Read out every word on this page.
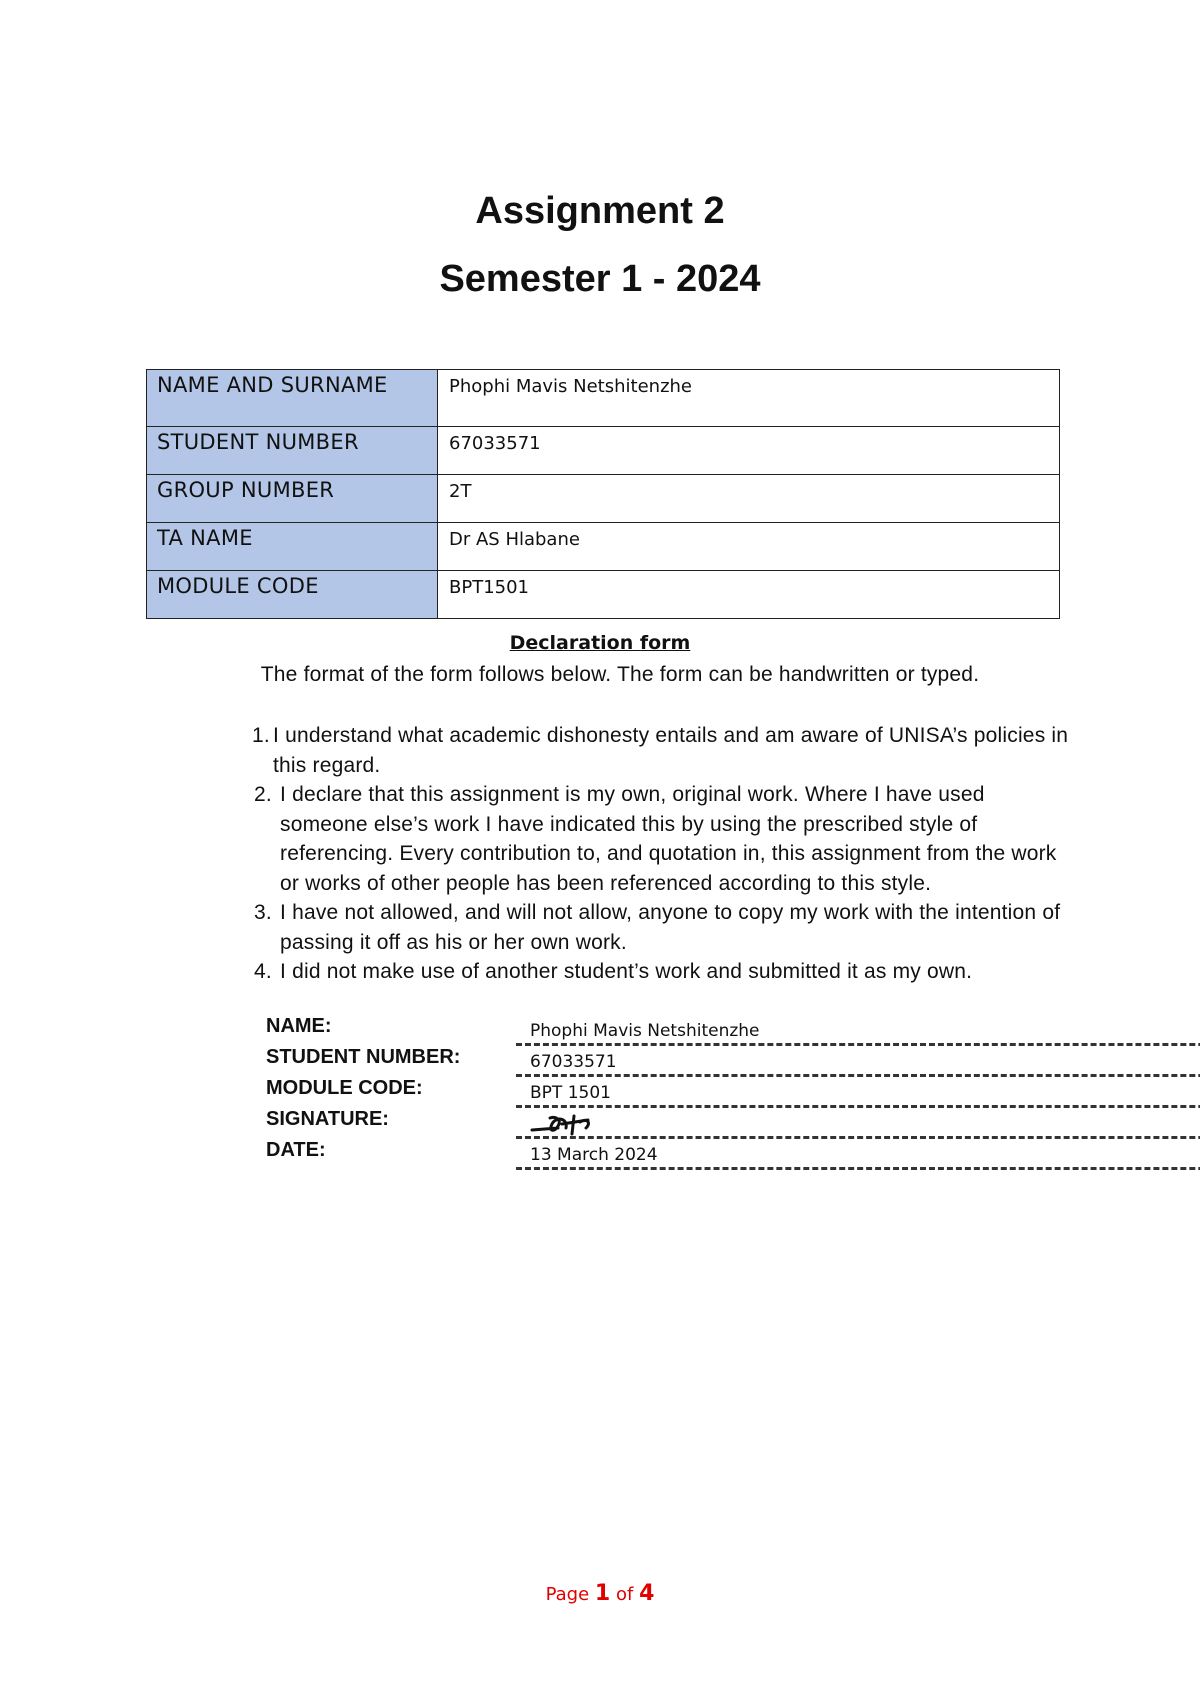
Assignment 2
Semester 1 - 2024
NAME AND SURNAME	Phophi Mavis Netshitenzhe
STUDENT NUMBER	67033571
GROUP NUMBER	2T
TA NAME	Dr AS Hlabane
MODULE CODE	BPT1501
Declaration form
The format of the form follows below. The form can be handwritten or typed.
1. I understand what academic dishonesty entails and am aware of UNISA’s policies in this regard.
2. I declare that this assignment is my own, original work. Where I have used someone else’s work I have indicated this by using the prescribed style of referencing. Every contribution to, and quotation in, this assignment from the work or works of other people has been referenced according to this style.
3. I have not allowed, and will not allow, anyone to copy my work with the intention of passing it off as his or her own work.
4. I did not make use of another student’s work and submitted it as my own.
NAME:	Phophi Mavis Netshitenzhe
STUDENT NUMBER:	67033571
MODULE CODE:	BPT 1501
SIGNATURE:
DATE:	13 March 2024
Page 1 of 4
